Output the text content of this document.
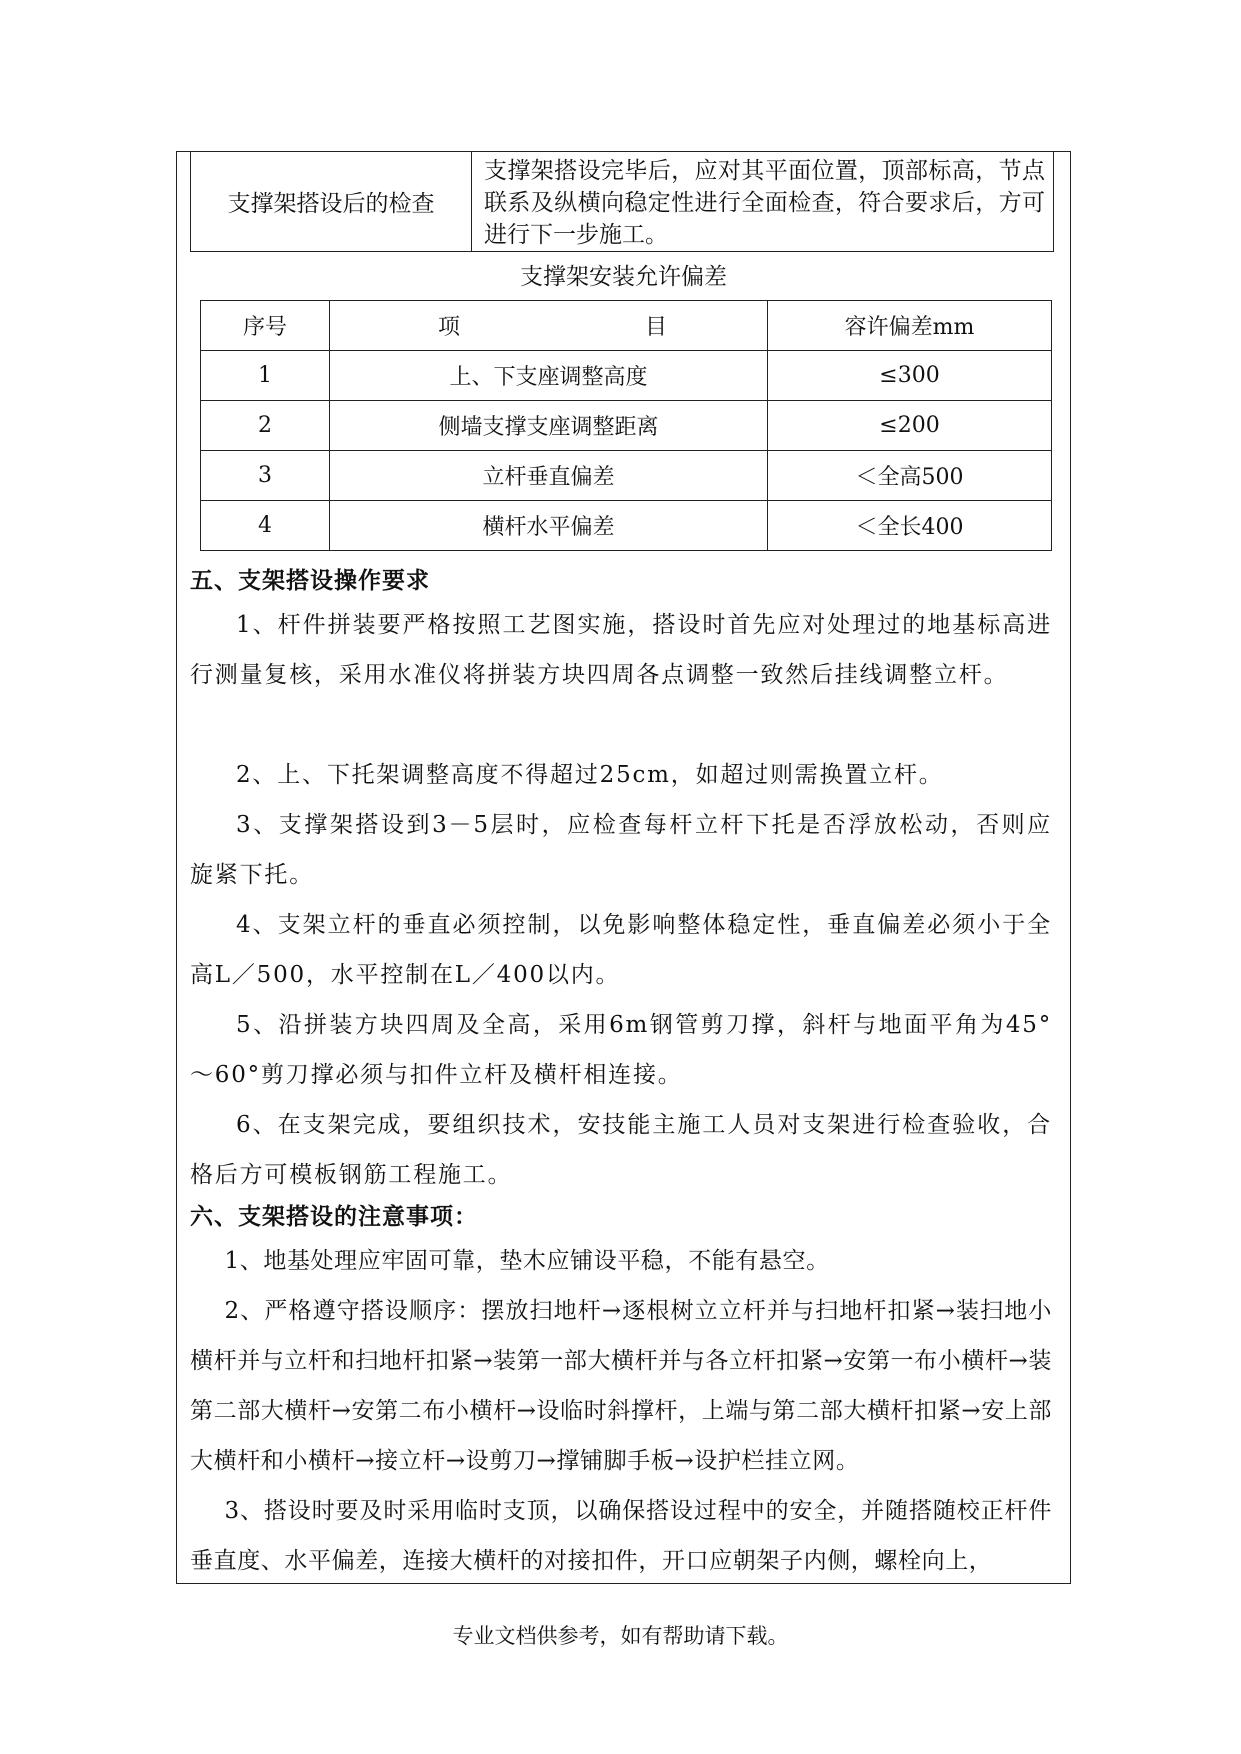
支撑架搭设后的检查	支撑架搭设完毕后，应对其平面位置，顶部标高，节点联系及纵横向稳定性进行全面检查，符合要求后，方可进行下一步施工。
支撑架安装允许偏差
序号	项 目	容许偏差mm
1	上、下支座调整高度	≤300
2	侧墙支撑支座调整距离	≤200
3	立杆垂直偏差	＜全高500
4	横杆水平偏差	＜全长400
五、支架搭设操作要求

1、杆件拼装要严格按照工艺图实施，搭设时首先应对处理过的地基标高进行测量复核，采用水准仪将拼装方块四周各点调整一致然后挂线调整立杆。

2、上、下托架调整高度不得超过25cm，如超过则需换置立杆。

3、支撑架搭设到3－5层时，应检查每杆立杆下托是否浮放松动，否则应旋紧下托。

4、支架立杆的垂直必须控制，以免影响整体稳定性，垂直偏差必须小于全高L／500，水平控制在L／400以内。

5、沿拼装方块四周及全高，采用6m钢管剪刀撑，斜杆与地面平角为45°～60°剪刀撑必须与扣件立杆及横杆相连接。

6、在支架完成，要组织技术，安技能主施工人员对支架进行检查验收，合格后方可模板钢筋工程施工。

六、支架搭设的注意事项：

1、地基处理应牢固可靠，垫木应铺设平稳，不能有悬空。

2、严格遵守搭设顺序：摆放扫地杆→逐根树立立杆并与扫地杆扣紧→装扫地小横杆并与立杆和扫地杆扣紧→装第一部大横杆并与各立杆扣紧→安第一布小横杆→装第二部大横杆→安第二布小横杆→设临时斜撑杆，上端与第二部大横杆扣紧→安上部大横杆和小横杆→接立杆→设剪刀→撑铺脚手板→设护栏挂立网。

3、搭设时要及时采用临时支顶，以确保搭设过程中的安全，并随搭随校正杆件垂直度、水平偏差，连接大横杆的对接扣件，开口应朝架子内侧，螺栓向上，

专业文档供参考，如有帮助请下载。
